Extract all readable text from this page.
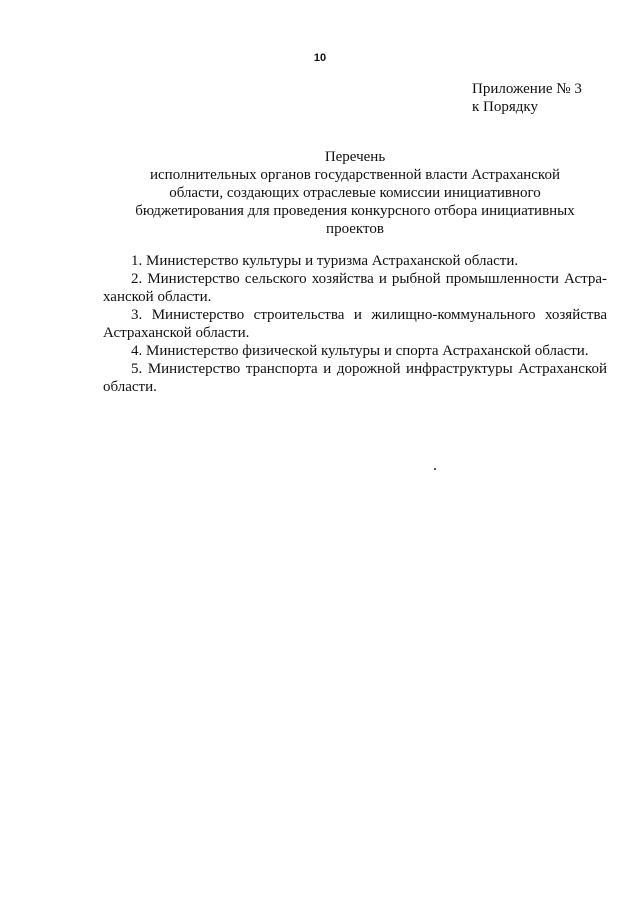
10
Приложение № 3
к Порядку
Перечень
исполнительных органов государственной власти Астраханской
области, создающих отраслевые комиссии инициативного
бюджетирования для проведения конкурсного отбора инициативных
проектов
1. Министерство культуры и туризма Астраханской области.
2. Министерство сельского хозяйства и рыбной промышленности Астра-
ханской области.
3. Министерство строительства и жилищно-коммунального хозяйства
Астраханской области.
4. Министерство физической культуры и спорта Астраханской области.
5. Министерство транспорта и дорожной инфраструктуры Астраханской
области.
